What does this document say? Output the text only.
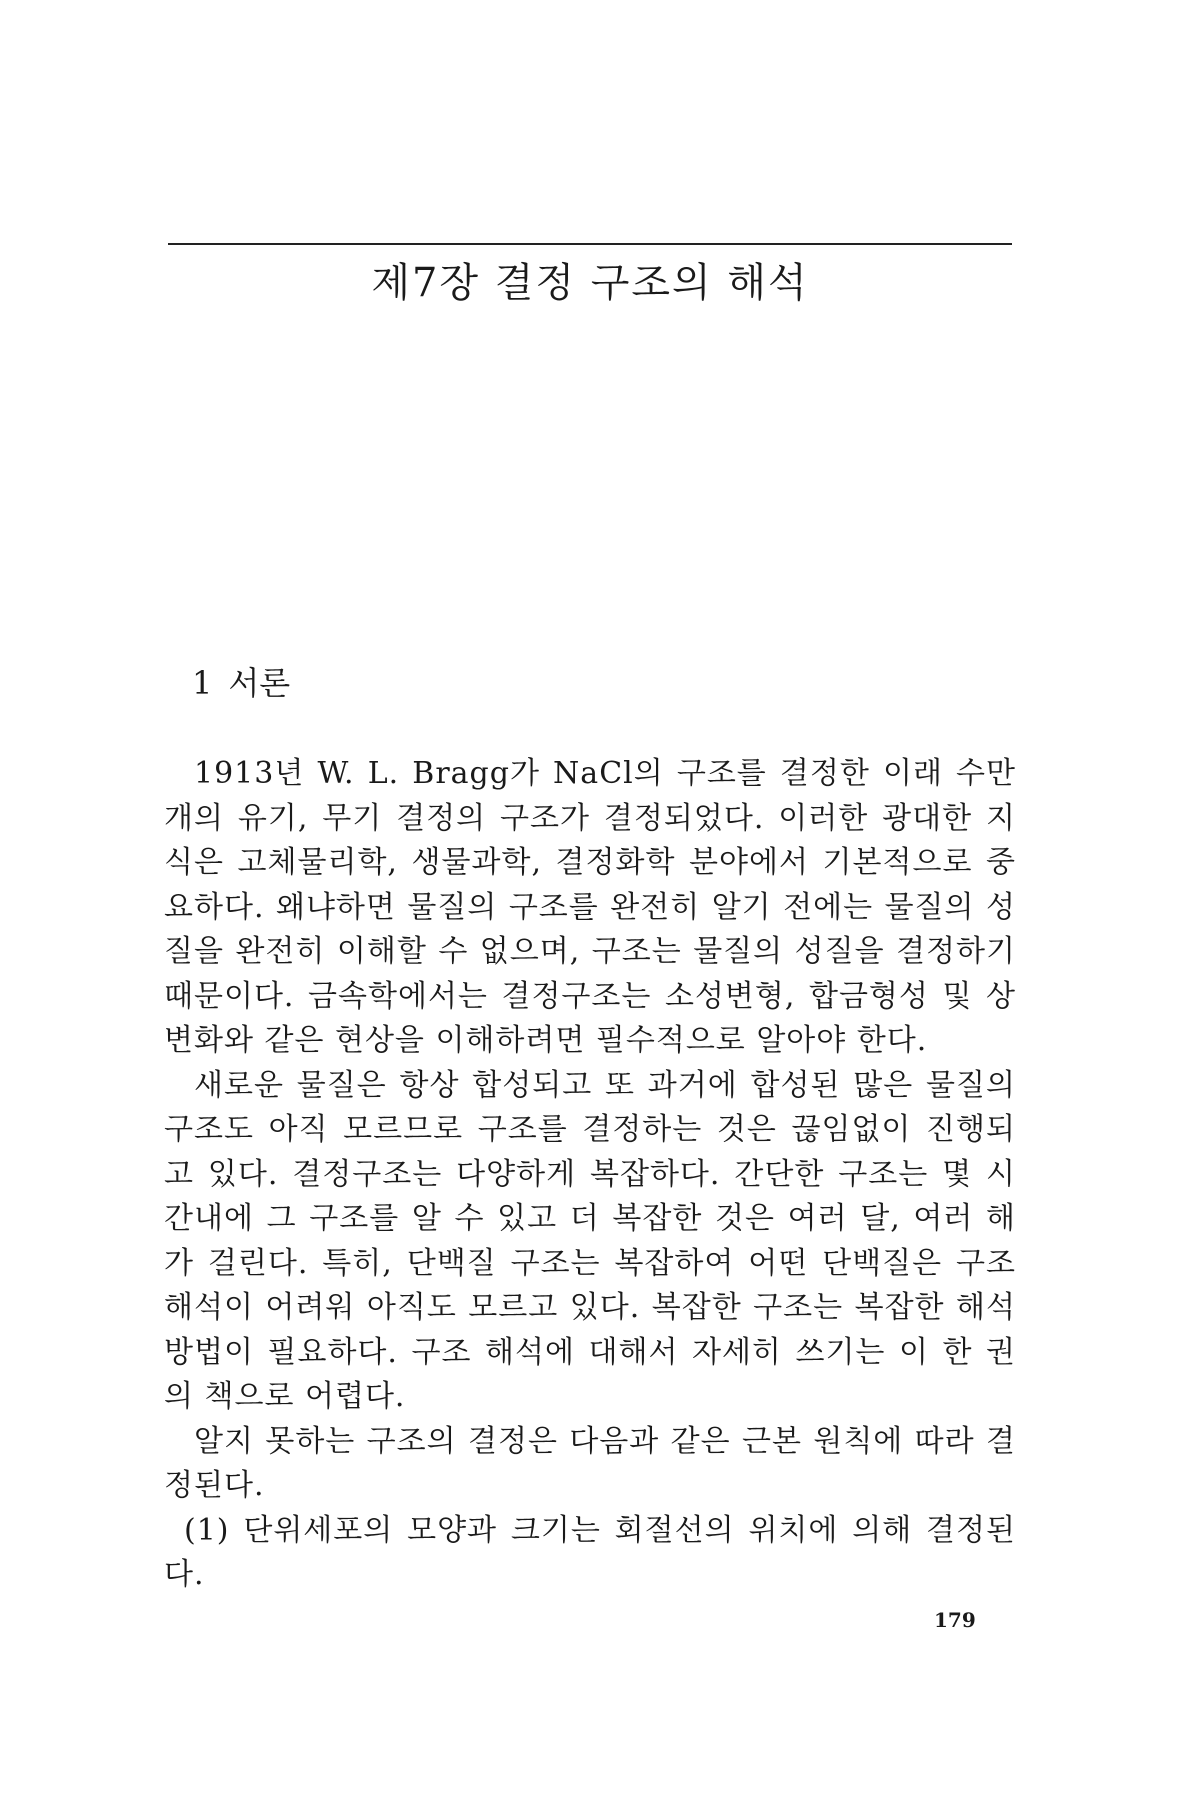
제7장 결정 구조의 해석
1 서론

1913년 W. L. Bragg가 NaCl의 구조를 결정한 이래 수만 개의 유기, 무기 결정의 구조가 결정되었다. 이러한 광대한 지식은 고체물리학, 생물과학, 결정화학 분야에서 기본적으로 중요하다. 왜냐하면 물질의 구조를 완전히 알기 전에는 물질의 성질을 완전히 이해할 수 없으며, 구조는 물질의 성질을 결정하기 때문이다. 금속학에서는 결정구조는 소성변형, 합금형성 및 상변화와 같은 현상을 이해하려면 필수적으로 알아야 한다.

새로운 물질은 항상 합성되고 또 과거에 합성된 많은 물질의 구조도 아직 모르므로 구조를 결정하는 것은 끊임없이 진행되고 있다. 결정구조는 다양하게 복잡하다. 간단한 구조는 몇 시간내에 그 구조를 알 수 있고 더 복잡한 것은 여러 달, 여러 해가 걸린다. 특히, 단백질 구조는 복잡하여 어떤 단백질은 구조 해석이 어려워 아직도 모르고 있다. 복잡한 구조는 복잡한 해석 방법이 필요하다. 구조 해석에 대해서 자세히 쓰기는 이 한 권의 책으로 어렵다.

알지 못하는 구조의 결정은 다음과 같은 근본 원칙에 따라 결정된다.

(1) 단위세포의 모양과 크기는 회절선의 위치에 의해 결정된다.

179
